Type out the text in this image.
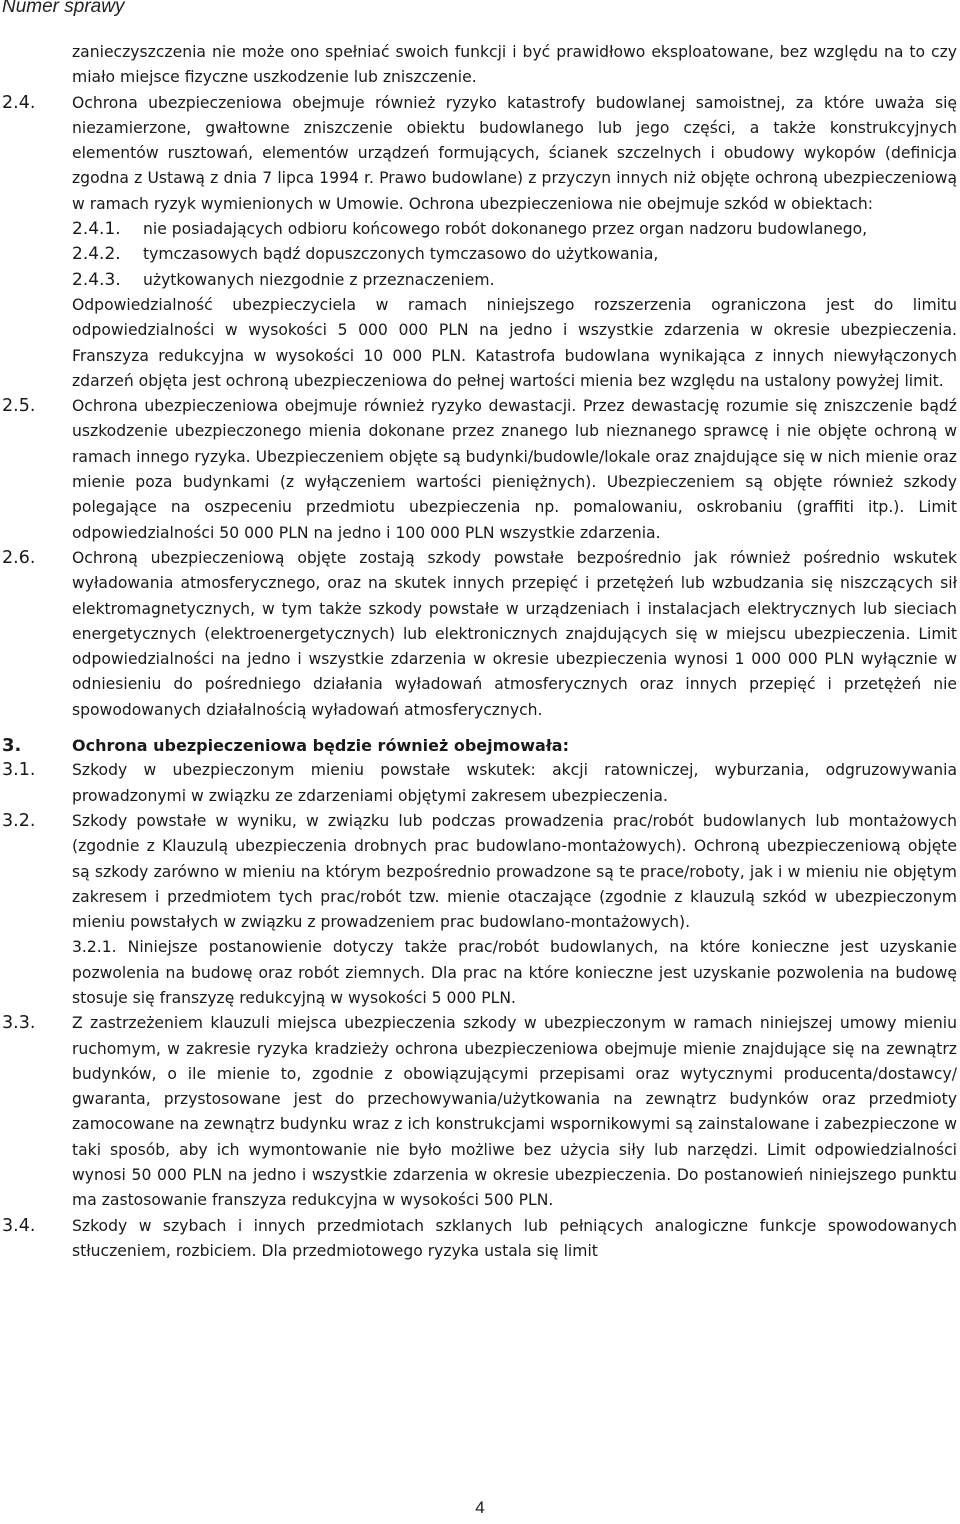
Numer sprawy

zanieczyszczenia nie może ono spełniać swoich funkcji i być prawidłowo eksploatowane, bez względu na to czy miało miejsce fizyczne uszkodzenie lub zniszczenie.

2.4. Ochrona ubezpieczeniowa obejmuje również ryzyko katastrofy budowlanej samoistnej, za które uważa się niezamierzone, gwałtowne zniszczenie obiektu budowlanego lub jego części, a także konstrukcyjnych elementów rusztowań, elementów urządzeń formujących, ścianek szczelnych i obudowy wykopów (definicja zgodna z Ustawą z dnia 7 lipca 1994 r. Prawo budowlane) z przyczyn innych niż objęte ochroną ubezpieczeniową w ramach ryzyk wymienionych w Umowie. Ochrona ubezpieczeniowa nie obejmuje szkód w obiektach:
2.4.1. nie posiadających odbioru końcowego robót dokonanego przez organ nadzoru budowlanego,
2.4.2. tymczasowych bądź dopuszczonych tymczasowo do użytkowania,
2.4.3. użytkowanych niezgodnie z przeznaczeniem.

Odpowiedzialność ubezpieczyciela w ramach niniejszego rozszerzenia ograniczona jest do limitu odpowiedzialności w wysokości 5 000 000 PLN na jedno i wszystkie zdarzenia w okresie ubezpieczenia. Franszyza redukcyjna w wysokości 10 000 PLN. Katastrofa budowlana wynikająca z innych niewyłączonych zdarzeń objęta jest ochroną ubezpieczeniowa do pełnej wartości mienia bez względu na ustalony powyżej limit.

2.5. Ochrona ubezpieczeniowa obejmuje również ryzyko dewastacji. Przez dewastację rozumie się zniszczenie bądź uszkodzenie ubezpieczonego mienia dokonane przez znanego lub nieznanego sprawcę i nie objęte ochroną w ramach innego ryzyka. Ubezpieczeniem objęte są budynki/budowle/lokale oraz znajdujące się w nich mienie oraz mienie poza budynkami (z wyłączeniem wartości pieniężnych). Ubezpieczeniem są objęte również szkody polegające na oszpeceniu przedmiotu ubezpieczenia np. pomalowaniu, oskrobaniu (graffiti itp.). Limit odpowiedzialności 50 000 PLN na jedno i 100 000 PLN wszystkie zdarzenia.
2.6. Ochroną ubezpieczeniową objęte zostają szkody powstałe bezpośrednio jak również pośrednio wskutek wyładowania atmosferycznego, oraz na skutek innych przepięć i przetężeń lub wzbudzania się niszczących sił elektromagnetycznych, w tym także szkody powstałe w urządzeniach i instalacjach elektrycznych lub sieciach energetycznych (elektroenergetycznych) lub elektronicznych znajdujących się w miejscu ubezpieczenia. Limit odpowiedzialności na jedno i wszystkie zdarzenia w okresie ubezpieczenia wynosi 1 000 000 PLN wyłącznie w odniesieniu do pośredniego działania wyładowań atmosferycznych oraz innych przepięć i przetężeń nie spowodowanych działalnością wyładowań atmosferycznych.
3.	Ochrona ubezpieczeniowa będzie również obejmowała:
3.1. Szkody w ubezpieczonym mieniu powstałe wskutek: akcji ratowniczej, wyburzania, odgruzowywania prowadzonymi w związku ze zdarzeniami objętymi zakresem ubezpieczenia.
3.2. Szkody powstałe w wyniku, w związku lub podczas prowadzenia prac/robót budowlanych lub montażowych (zgodnie z Klauzulą ubezpieczenia drobnych prac budowlano-montażowych). Ochroną ubezpieczeniową objęte są szkody zarówno w mieniu na którym bezpośrednio prowadzone są te prace/roboty, jak i w mieniu nie objętym zakresem i przedmiotem tych prac/robót tzw. mienie otaczające (zgodnie z klauzulą szkód w ubezpieczonym mieniu powstałych w związku z prowadzeniem prac budowlano-montażowych).
3.2.1. Niniejsze postanowienie dotyczy także prac/robót budowlanych, na które konieczne jest uzyskanie pozwolenia na budowę oraz robót ziemnych. Dla prac na które konieczne jest uzyskanie pozwolenia na budowę stosuje się franszyzę redukcyjną w wysokości 5 000 PLN.
3.3. Z zastrzeżeniem klauzuli miejsca ubezpieczenia szkody w ubezpieczonym w ramach niniejszej umowy mieniu ruchomym, w zakresie ryzyka kradzieży ochrona ubezpieczeniowa obejmuje mienie znajdujące się na zewnątrz budynków, o ile mienie to, zgodnie z obowiązującymi przepisami oraz wytycznymi producenta/dostawcy/ gwaranta, przystosowane jest do przechowywania/użytkowania na zewnątrz budynków oraz przedmioty zamocowane na zewnątrz budynku wraz z ich konstrukcjami wspornikowymi są zainstalowane i zabezpieczone w taki sposób, aby ich wymontowanie nie było możliwe bez użycia siły lub narzędzi. Limit odpowiedzialności wynosi 50 000 PLN na jedno i wszystkie zdarzenia w okresie ubezpieczenia. Do postanowień niniejszego punktu ma zastosowanie franszyza redukcyjna w wysokości 500 PLN.
3.4. Szkody w szybach i innych przedmiotach szklanych lub pełniących analogiczne funkcje spowodowanych stłuczeniem, rozbiciem. Dla przedmiotowego ryzyka ustala się limit
4
